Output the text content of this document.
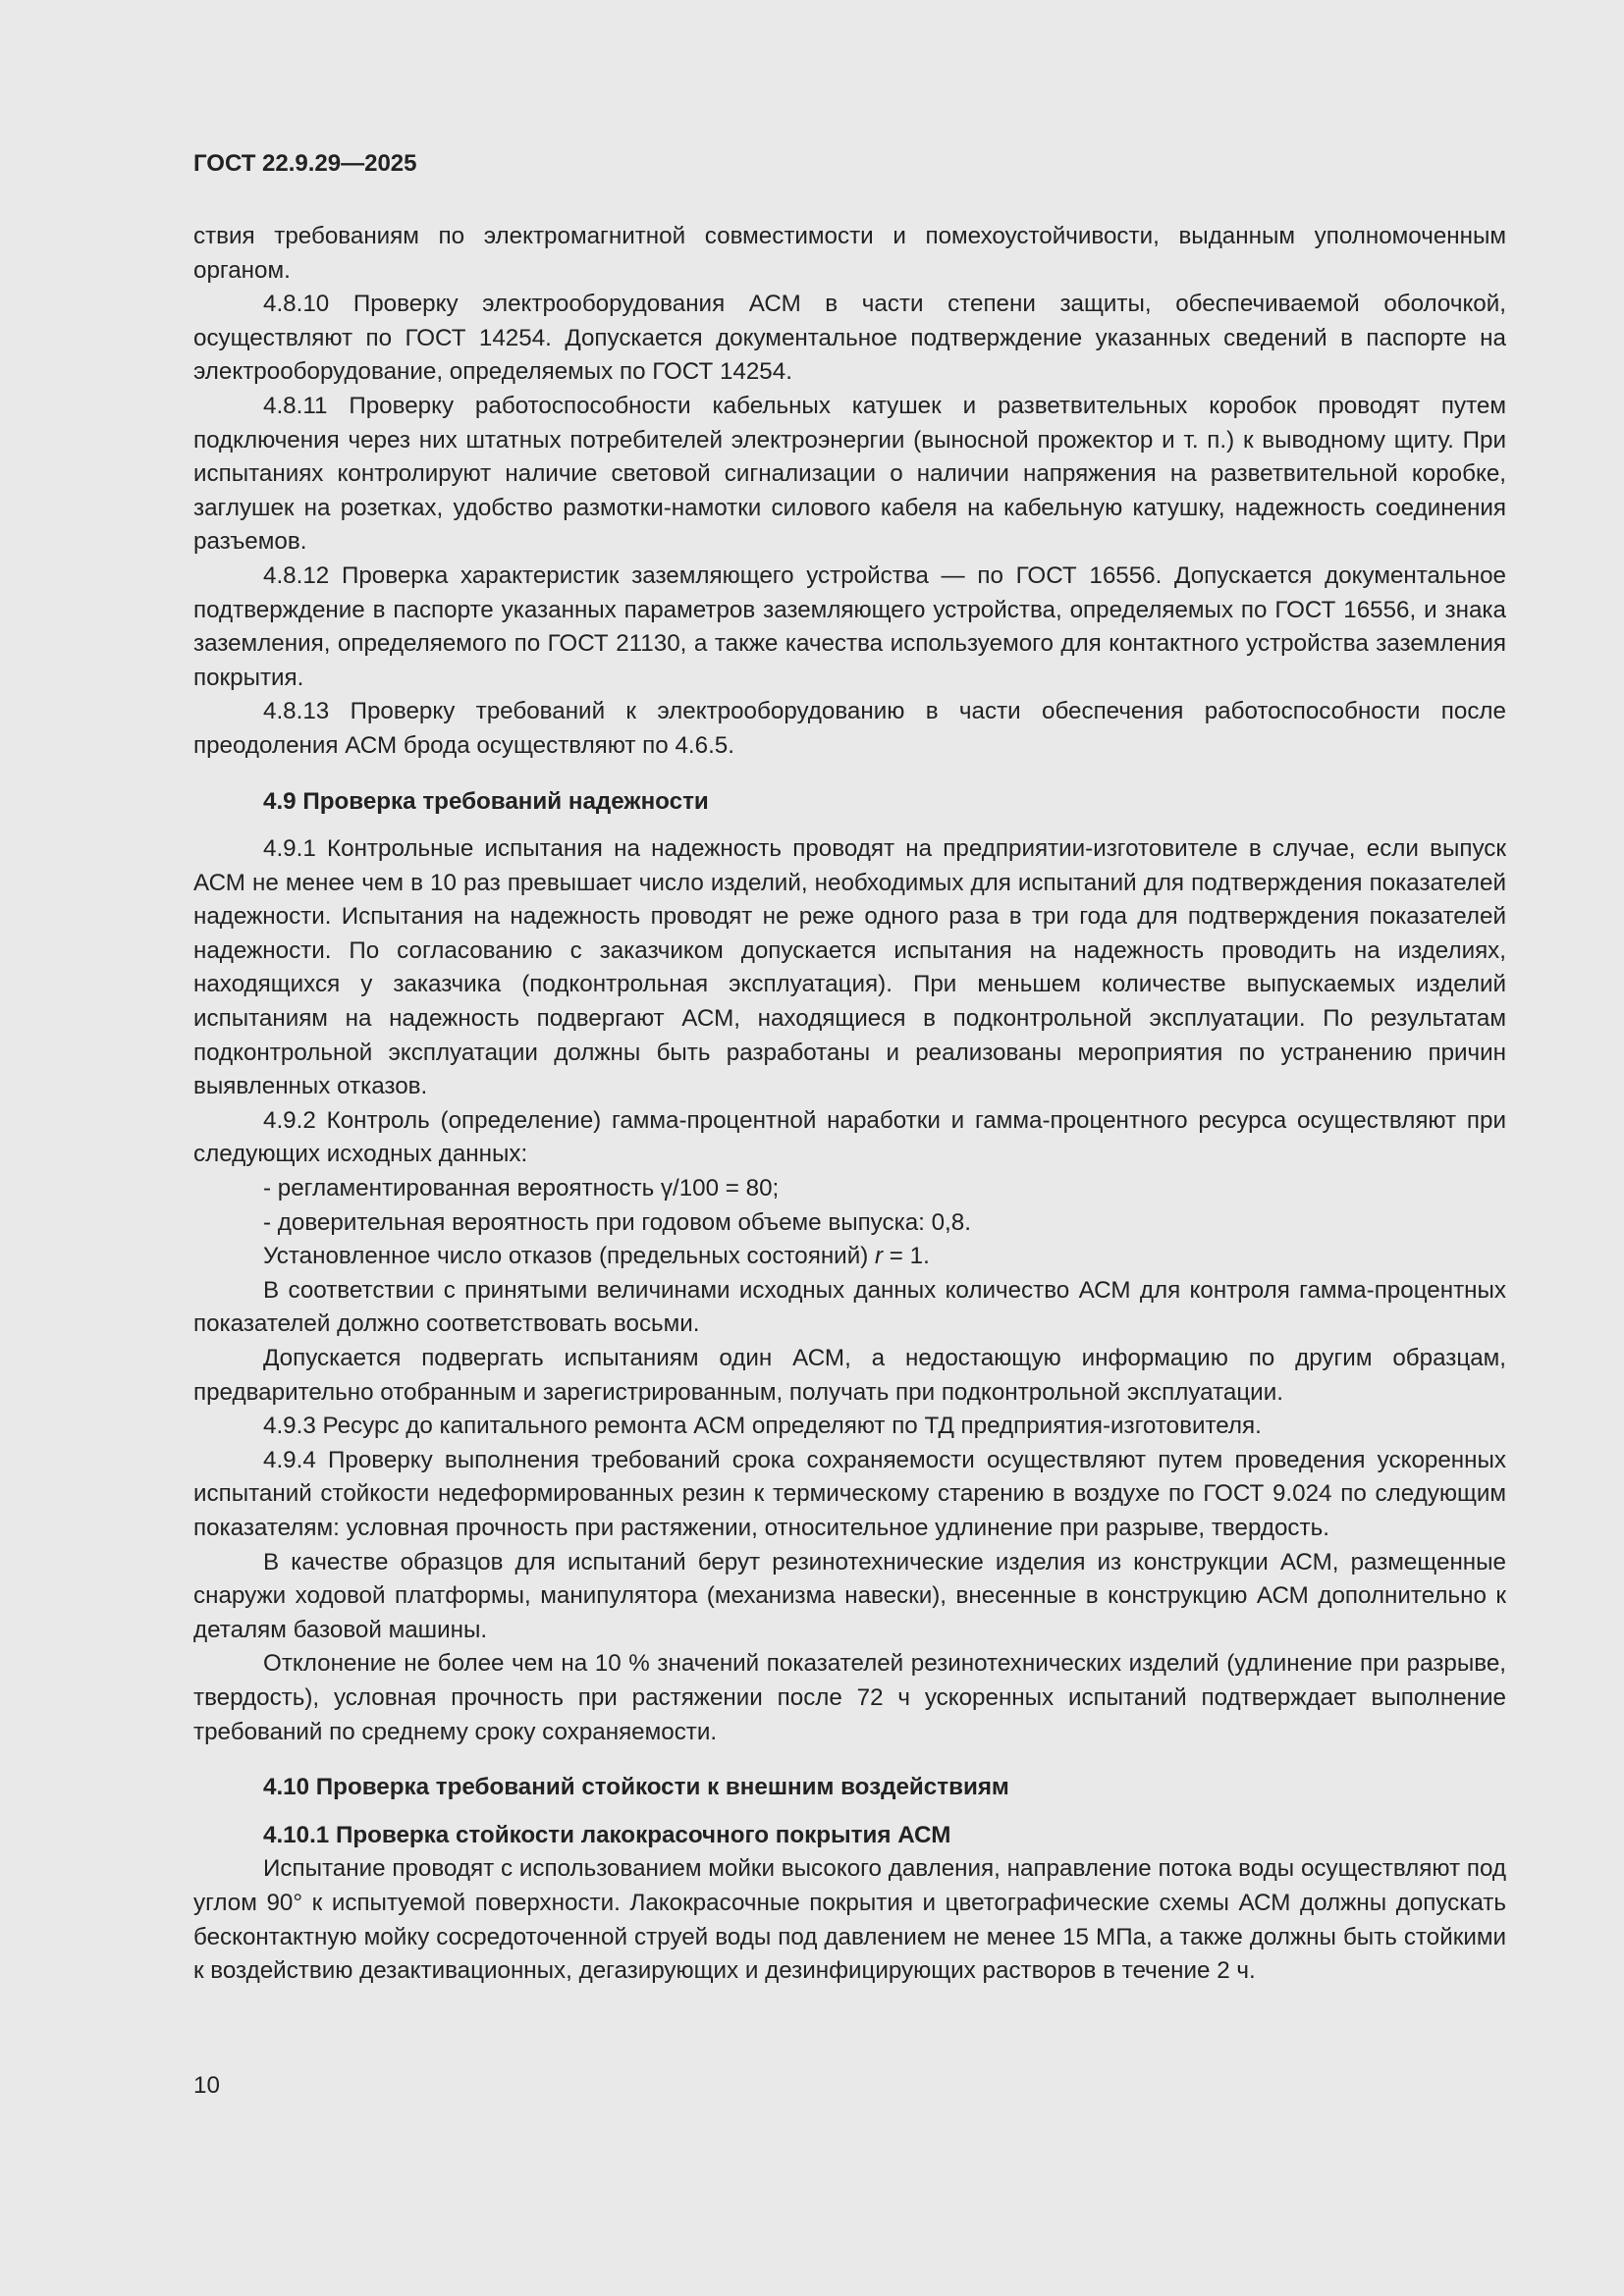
ГОСТ 22.9.29—2025

ствия требованиям по электромагнитной совместимости и помехоустойчивости, выданным уполномоченным органом.

4.8.10 Проверку электрооборудования АСМ в части степени защиты, обеспечиваемой оболочкой, осуществляют по ГОСТ 14254. Допускается документальное подтверждение указанных сведений в паспорте на электрооборудование, определяемых по ГОСТ 14254.

4.8.11 Проверку работоспособности кабельных катушек и разветвительных коробок проводят путем подключения через них штатных потребителей электроэнергии (выносной прожектор и т. п.) к выводному щиту. При испытаниях контролируют наличие световой сигнализации о наличии напряжения на разветвительной коробке, заглушек на розетках, удобство размотки-намотки силового кабеля на кабельную катушку, надежность соединения разъемов.

4.8.12 Проверка характеристик заземляющего устройства — по ГОСТ 16556. Допускается документальное подтверждение в паспорте указанных параметров заземляющего устройства, определяемых по ГОСТ 16556, и знака заземления, определяемого по ГОСТ 21130, а также качества используемого для контактного устройства заземления покрытия.

4.8.13 Проверку требований к электрооборудованию в части обеспечения работоспособности после преодоления АСМ брода осуществляют по 4.6.5.

4.9 Проверка требований надежности

4.9.1 Контрольные испытания на надежность проводят на предприятии-изготовителе в случае, если выпуск АСМ не менее чем в 10 раз превышает число изделий, необходимых для испытаний для подтверждения показателей надежности. Испытания на надежность проводят не реже одного раза в три года для подтверждения показателей надежности. По согласованию с заказчиком допускается испытания на надежность проводить на изделиях, находящихся у заказчика (подконтрольная эксплуатация). При меньшем количестве выпускаемых изделий испытаниям на надежность подвергают АСМ, находящиеся в подконтрольной эксплуатации. По результатам подконтрольной эксплуатации должны быть разработаны и реализованы мероприятия по устранению причин выявленных отказов.

4.9.2 Контроль (определение) гамма-процентной наработки и гамма-процентного ресурса осуществляют при следующих исходных данных:

- регламентированная вероятность γ/100 = 80;

- доверительная вероятность при годовом объеме выпуска: 0,8.

Установленное число отказов (предельных состояний) r = 1.

В соответствии с принятыми величинами исходных данных количество АСМ для контроля гамма-процентных показателей должно соответствовать восьми.

Допускается подвергать испытаниям один АСМ, а недостающую информацию по другим образцам, предварительно отобранным и зарегистрированным, получать при подконтрольной эксплуатации.

4.9.3 Ресурс до капитального ремонта АСМ определяют по ТД предприятия-изготовителя.

4.9.4 Проверку выполнения требований срока сохраняемости осуществляют путем проведения ускоренных испытаний стойкости недеформированных резин к термическому старению в воздухе по ГОСТ 9.024 по следующим показателям: условная прочность при растяжении, относительное удлинение при разрыве, твердость.

В качестве образцов для испытаний берут резинотехнические изделия из конструкции АСМ, размещенные снаружи ходовой платформы, манипулятора (механизма навески), внесенные в конструкцию АСМ дополнительно к деталям базовой машины.

Отклонение не более чем на 10 % значений показателей резинотехнических изделий (удлинение при разрыве, твердость), условная прочность при растяжении после 72 ч ускоренных испытаний подтверждает выполнение требований по среднему сроку сохраняемости.

4.10 Проверка требований стойкости к внешним воздействиям
4.10.1 Проверка стойкости лакокрасочного покрытия АСМ

Испытание проводят с использованием мойки высокого давления, направление потока воды осуществляют под углом 90° к испытуемой поверхности. Лакокрасочные покрытия и цветографические схемы АСМ должны допускать бесконтактную мойку сосредоточенной струей воды под давлением не менее 15 МПа, а также должны быть стойкими к воздействию дезактивационных, дегазирующих и дезинфицирующих растворов в течение 2 ч.

10
